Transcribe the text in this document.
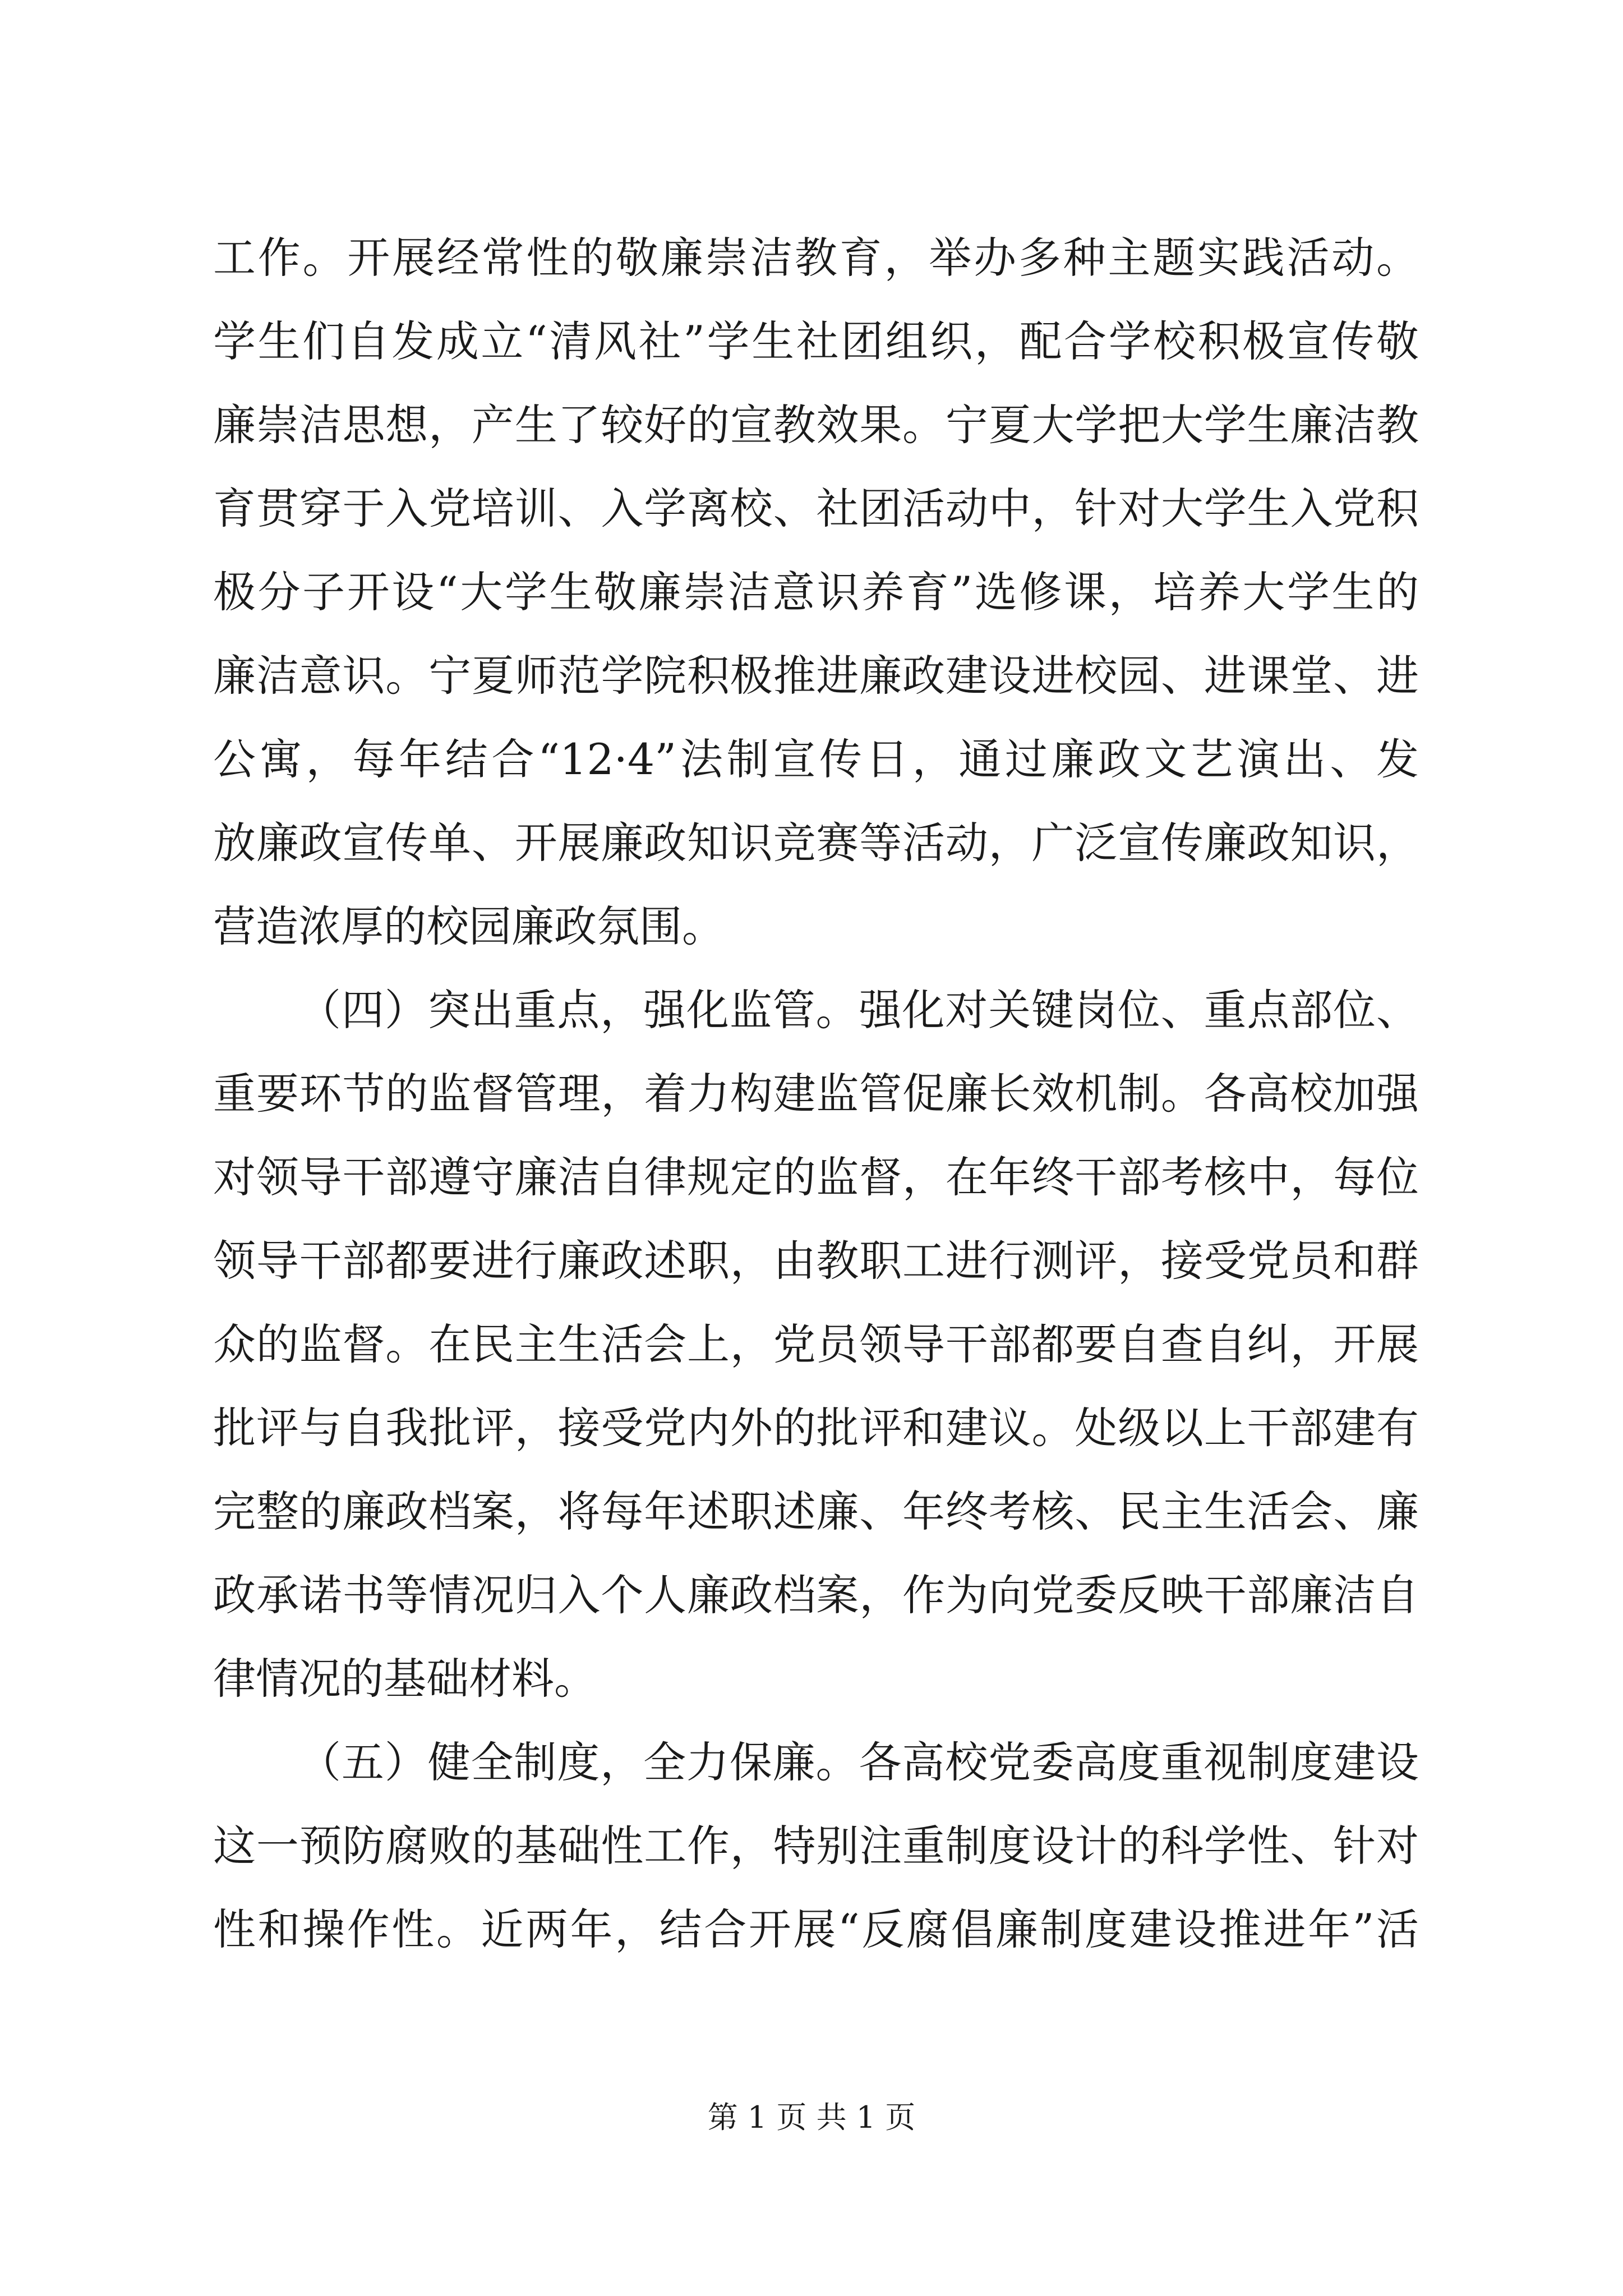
工作。开展经常性的敬廉崇洁教育，举办多种主题实践活动。
学生们自发成立“清风社”学生社团组织，配合学校积极宣传敬
廉崇洁思想，产生了较好的宣教效果。宁夏大学把大学生廉洁教
育贯穿于入党培训、入学离校、社团活动中，针对大学生入党积
极分子开设“大学生敬廉崇洁意识养育”选修课，培养大学生的
廉洁意识。宁夏师范学院积极推进廉政建设进校园、进课堂、进
公寓，每年结合“12·4”法制宣传日，通过廉政文艺演出、发
放廉政宣传单、开展廉政知识竞赛等活动，广泛宣传廉政知识，
营造浓厚的校园廉政氛围。
（四）突出重点，强化监管。强化对关键岗位、重点部位、
重要环节的监督管理，着力构建监管促廉长效机制。各高校加强
对领导干部遵守廉洁自律规定的监督，在年终干部考核中，每位
领导干部都要进行廉政述职，由教职工进行测评，接受党员和群
众的监督。在民主生活会上，党员领导干部都要自查自纠，开展
批评与自我批评，接受党内外的批评和建议。处级以上干部建有
完整的廉政档案，将每年述职述廉、年终考核、民主生活会、廉
政承诺书等情况归入个人廉政档案，作为向党委反映干部廉洁自
律情况的基础材料。
（五）健全制度，全力保廉。各高校党委高度重视制度建设
这一预防腐败的基础性工作，特别注重制度设计的科学性、针对
性和操作性。近两年，结合开展“反腐倡廉制度建设推进年”活
第 1 页 共 1 页
